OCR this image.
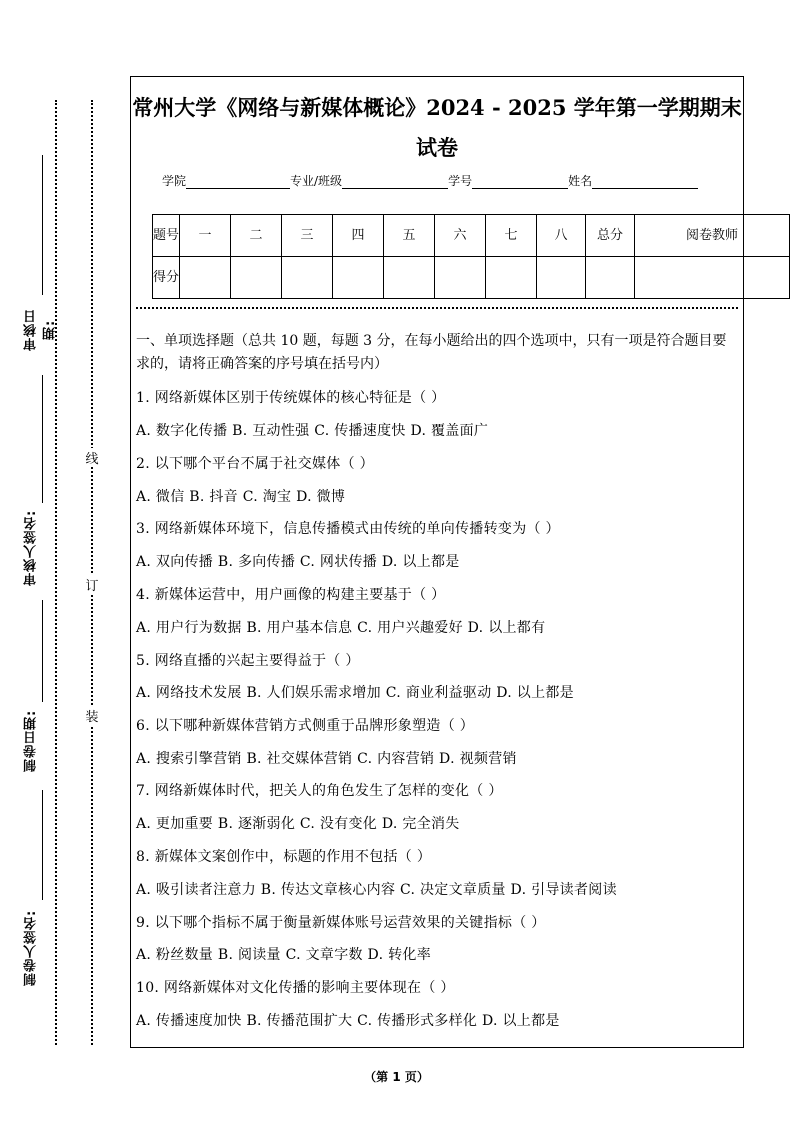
审核日期:
审核人签名:
制卷日期:
制卷人签名:
线
订
装
常州大学《网络与新媒体概论》2024 - 2025 学年第一学期期末试卷
学院	专业/班级	学号	姓名
题号	一	二	三	四	五	六	七	八	总分	阅卷教师
得分										
一、单项选择题（总共 10 题，每题 3 分，在每小题给出的四个选项中，只有一项是符合题目要求的，请将正确答案的序号填在括号内）
1. 网络新媒体区别于传统媒体的核心特征是（ ）
A. 数字化传播 B. 互动性强 C. 传播速度快 D. 覆盖面广
2. 以下哪个平台不属于社交媒体（ ）
A. 微信 B. 抖音 C. 淘宝 D. 微博
3. 网络新媒体环境下，信息传播模式由传统的单向传播转变为（ ）
A. 双向传播 B. 多向传播 C. 网状传播 D. 以上都是
4. 新媒体运营中，用户画像的构建主要基于（ ）
A. 用户行为数据 B. 用户基本信息 C. 用户兴趣爱好 D. 以上都有
5. 网络直播的兴起主要得益于（ ）
A. 网络技术发展 B. 人们娱乐需求增加 C. 商业利益驱动 D. 以上都是
6. 以下哪种新媒体营销方式侧重于品牌形象塑造（ ）
A. 搜索引擎营销 B. 社交媒体营销 C. 内容营销 D. 视频营销
7. 网络新媒体时代，把关人的角色发生了怎样的变化（ ）
A. 更加重要 B. 逐渐弱化 C. 没有变化 D. 完全消失
8. 新媒体文案创作中，标题的作用不包括（ ）
A. 吸引读者注意力 B. 传达文章核心内容 C. 决定文章质量 D. 引导读者阅读
9. 以下哪个指标不属于衡量新媒体账号运营效果的关键指标（ ）
A. 粉丝数量 B. 阅读量 C. 文章字数 D. 转化率
10. 网络新媒体对文化传播的影响主要体现在（ ）
A. 传播速度加快 B. 传播范围扩大 C. 传播形式多样化 D. 以上都是
（第 1 页）
